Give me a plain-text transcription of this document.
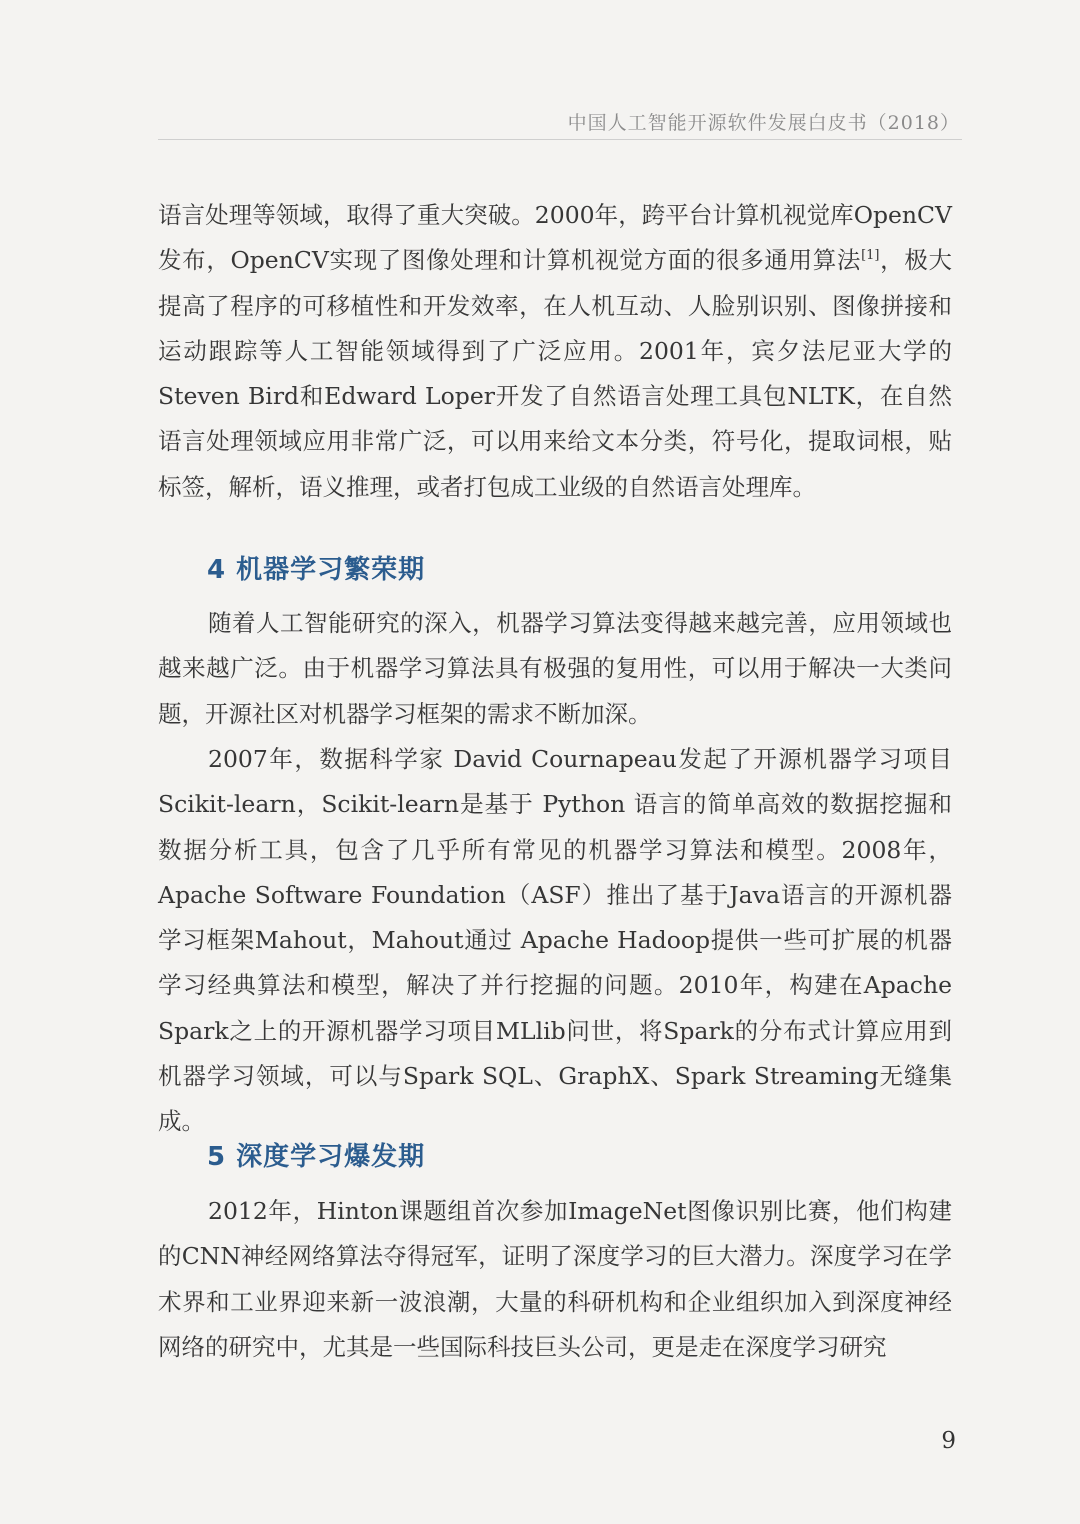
中国人工智能开源软件发展白皮书（2018）

语言处理等领域，取得了重大突破。2000年，跨平台计算机视觉库OpenCV发布，OpenCV实现了图像处理和计算机视觉方面的很多通用算法[1]，极大提高了程序的可移植性和开发效率，在人机互动、人脸别识别、图像拼接和运动跟踪等人工智能领域得到了广泛应用。2001年，宾夕法尼亚大学的Steven Bird和Edward Loper开发了自然语言处理工具包NLTK，在自然语言处理领域应用非常广泛，可以用来给文本分类，符号化，提取词根，贴标签，解析，语义推理，或者打包成工业级的自然语言处理库。

4 机器学习繁荣期

随着人工智能研究的深入，机器学习算法变得越来越完善，应用领域也越来越广泛。由于机器学习算法具有极强的复用性，可以用于解决一大类问题，开源社区对机器学习框架的需求不断加深。

2007年，数据科学家 David Cournapeau发起了开源机器学习项目Scikit-learn，Scikit-learn是基于 Python 语言的简单高效的数据挖掘和数据分析工具，包含了几乎所有常见的机器学习算法和模型。2008年，Apache Software Foundation（ASF）推出了基于Java语言的开源机器学习框架Mahout，Mahout通过 Apache Hadoop提供一些可扩展的机器学习经典算法和模型，解决了并行挖掘的问题。2010年，构建在Apache Spark之上的开源机器学习项目MLlib问世，将Spark的分布式计算应用到机器学习领域，可以与Spark SQL、GraphX、Spark Streaming无缝集成。

5 深度学习爆发期

2012年，Hinton课题组首次参加ImageNet图像识别比赛，他们构建的CNN神经网络算法夺得冠军，证明了深度学习的巨大潜力。深度学习在学术界和工业界迎来新一波浪潮，大量的科研机构和企业组织加入到深度神经网络的研究中，尤其是一些国际科技巨头公司，更是走在深度学习研究

9
